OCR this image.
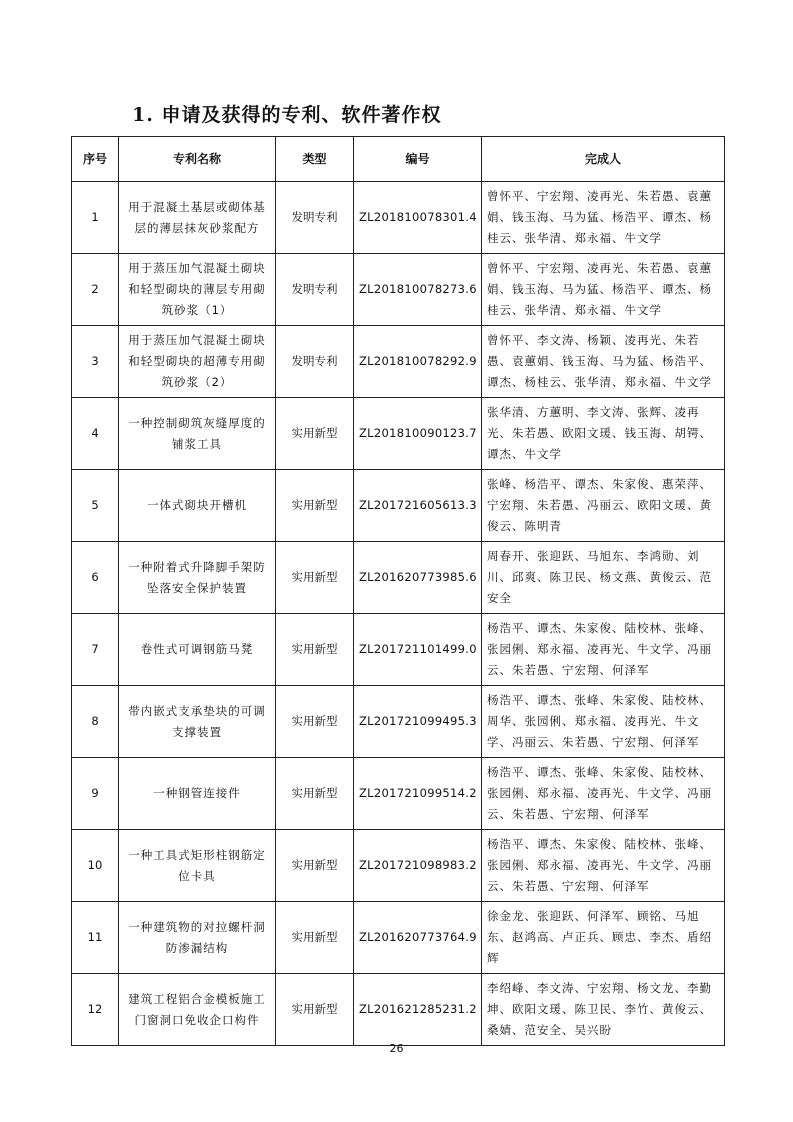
1. 申请及获得的专利、软件著作权
序号	专利名称	类型	编号	完成人
1	用于混凝土基层或砌体基层的薄层抹灰砂浆配方	发明专利	ZL201810078301.4	曾怀平、宁宏翔、凌再光、朱若愚、袁蕙娟、钱玉海、马为猛、杨浩平、谭杰、杨桂云、张华清、郑永福、牛文学
2	用于蒸压加气混凝土砌块和轻型砌块的薄层专用砌筑砂浆（1）	发明专利	ZL201810078273.6	曾怀平、宁宏翔、凌再光、朱若愚、袁蕙娟、钱玉海、马为猛、杨浩平、谭杰、杨桂云、张华清、郑永福、牛文学
3	用于蒸压加气混凝土砌块和轻型砌块的超薄专用砌筑砂浆（2）	发明专利	ZL201810078292.9	曾怀平、李文涛、杨颖、凌再光、朱若愚、袁蕙娟、钱玉海、马为猛、杨浩平、谭杰、杨桂云、张华清、郑永福、牛文学
4	一种控制砌筑灰缝厚度的铺浆工具	实用新型	ZL201810090123.7	张华清、方蕙明、李文涛、张辉、凌再光、朱若愚、欧阳文瑗、钱玉海、胡锷、谭杰、牛文学
5	一体式砌块开槽机	实用新型	ZL201721605613.3	张峰、杨浩平、谭杰、朱家俊、惠荣萍、宁宏翔、朱若愚、冯丽云、欧阳文瑗、黄俊云、陈明青
6	一种附着式升降脚手架防坠落安全保护装置	实用新型	ZL201620773985.6	周春开、张迎跃、马旭东、李鸿勋、刘川、邱爽、陈卫民、杨文燕、黄俊云、范安全
7	卷性式可调钢筋马凳	实用新型	ZL201721101499.0	杨浩平、谭杰、朱家俊、陆校林、张峰、张园俐、郑永福、凌再光、牛文学、冯丽云、朱若愚、宁宏翔、何泽军
8	带内嵌式支承垫块的可调支撑装置	实用新型	ZL201721099495.3	杨浩平、谭杰、张峰、朱家俊、陆校林、周华、张园俐、郑永福、凌再光、牛文学、冯丽云、朱若愚、宁宏翔、何泽军
9	一种钢管连接件	实用新型	ZL201721099514.2	杨浩平、谭杰、张峰、朱家俊、陆校林、张园俐、郑永福、凌再光、牛文学、冯丽云、朱若愚、宁宏翔、何泽军
10	一种工具式矩形柱钢筋定位卡具	实用新型	ZL201721098983.2	杨浩平、谭杰、朱家俊、陆校林、张峰、张园俐、郑永福、凌再光、牛文学、冯丽云、朱若愚、宁宏翔、何泽军
11	一种建筑物的对拉螺杆洞防渗漏结构	实用新型	ZL201620773764.9	徐金龙、张迎跃、何泽军、顾铭、马旭东、赵鸿高、卢正兵、顾忠、李杰、盾绍辉
12	建筑工程铝合金模板施工门窗洞口免收企口构件	实用新型	ZL201621285231.2	李绍峰、李文涛、宁宏翔、杨文龙、李勤坤、欧阳文瑗、陈卫民、李竹、黄俊云、桑婧、范安全、吴兴盼
26
